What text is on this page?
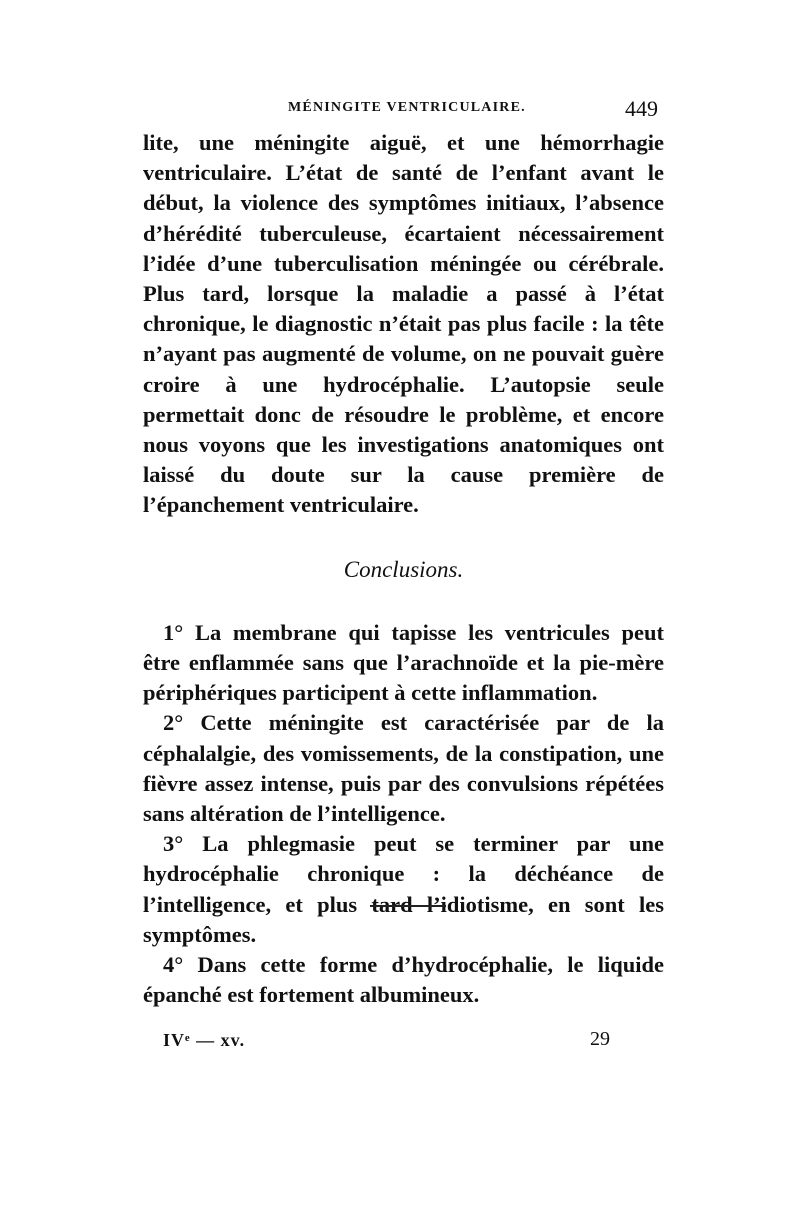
MÉNINGITE VENTRICULAIRE.	449

lite, une méningite aiguë, et une hémorrhagie ventriculaire. L’état de santé de l’enfant avant le début, la violence des symptômes initiaux, l’absence d’hérédité tuberculeuse, écartaient nécessairement l’idée d’une tuberculisation méningée ou cérébrale. Plus tard, lorsque la maladie a passé à l’état chronique, le diagnostic n’était pas plus facile : la tête n’ayant pas augmenté de volume, on ne pouvait guère croire à une hydrocéphalie. L’autopsie seule permettait donc de résoudre le problème, et encore nous voyons que les investigations anatomiques ont laissé du doute sur la cause première de l’épanchement ventriculaire.

Conclusions.

1° La membrane qui tapisse les ventricules peut être enflammée sans que l’arachnoïde et la pie-mère périphériques participent à cette inflammation.

2° Cette méningite est caractérisée par de la céphalalgie, des vomissements, de la constipation, une fièvre assez intense, puis par des convulsions répétées sans altération de l’intelligence.

3° La phlegmasie peut se terminer par une hydrocéphalie chronique : la déchéance de l’intelligence, et plus tard l’idiotisme, en sont les symptômes.

4° Dans cette forme d’hydrocéphalie, le liquide épanché est fortement albumineux.

IVᵉ — xv.	29
